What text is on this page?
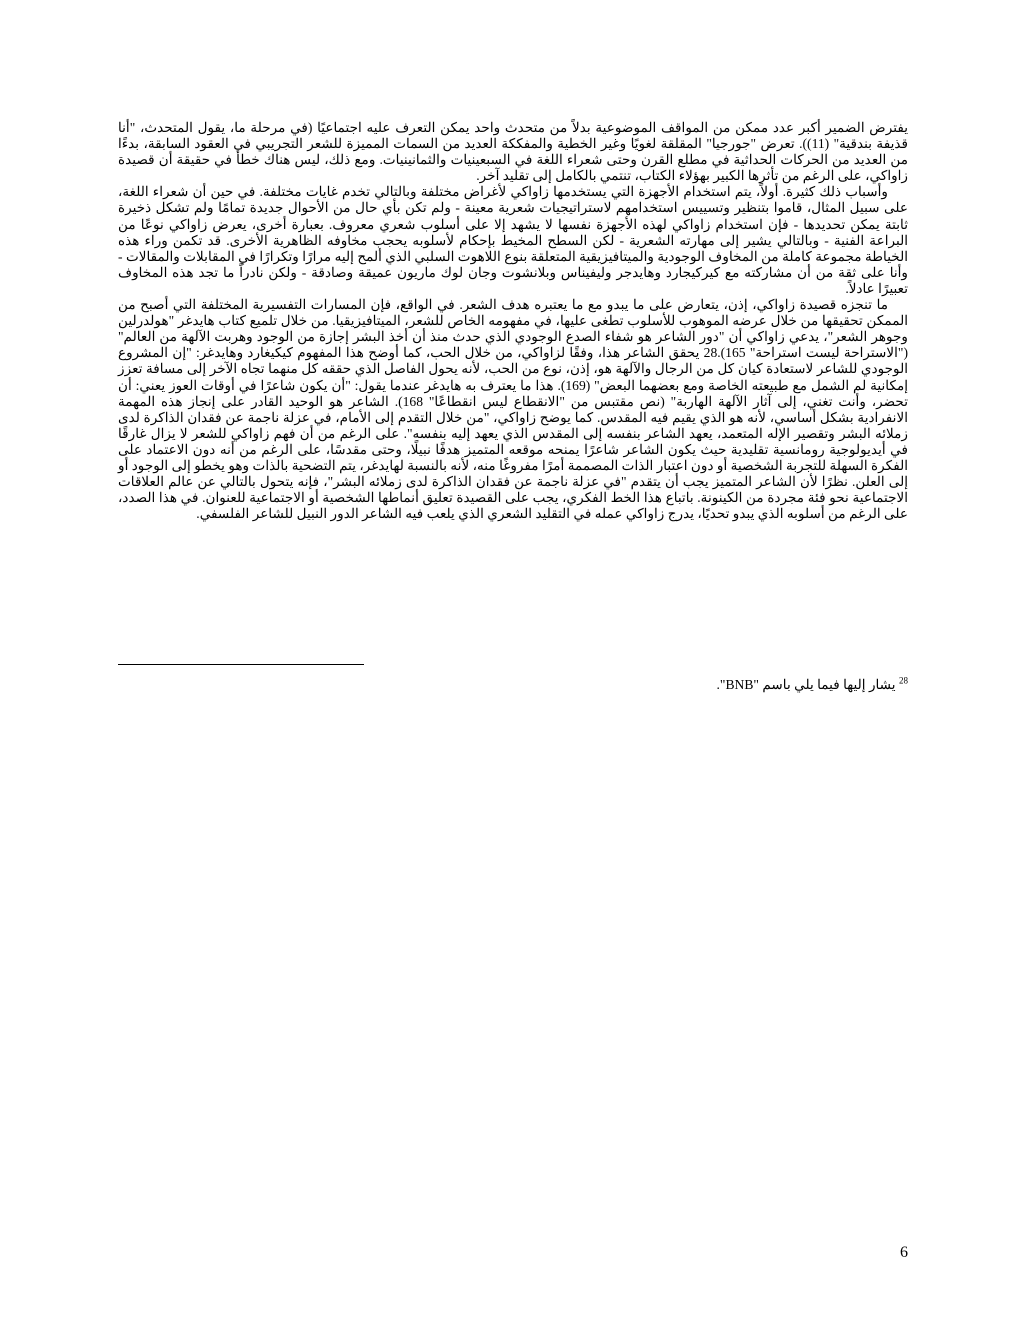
يفترض الضمير أكبر عدد ممكن من المواقف الموضوعية بدلاً من متحدث واحد يمكن التعرف عليه اجتماعيًا (في مرحلة ما، يقول المتحدث، "أنا قذيفة بندقية" (11)). تعرض "جورجيا" المقلقة لغويًا وغير الخطية والمفككة العديد من السمات المميزة للشعر التجريبي في العقود السابقة، بدءًا من العديد من الحركات الحداثية في مطلع القرن وحتى شعراء اللغة في السبعينيات والثمانينيات. ومع ذلك، ليس هناك خطأ في حقيقة أن قصيدة زاواكي، على الرغم من تأثرها الكبير بهؤلاء الكتاب، تنتمي بالكامل إلى تقليد آخر.

وأسباب ذلك كثيرة. أولاً، يتم استخدام الأجهزة التي يستخدمها زاواكي لأغراض مختلفة وبالتالي تخدم غايات مختلفة. في حين أن شعراء اللغة، على سبيل المثال، قاموا بتنظير وتسييس استخدامهم لاستراتيجيات شعرية معينة - ولم تكن بأي حال من الأحوال جديدة تمامًا ولم تشكل ذخيرة ثابتة يمكن تحديدها - فإن استخدام زاواكي لهذه الأجهزة نفسها لا يشهد إلا على أسلوب شعري معروف. بعبارة أخرى، يعرض زاواكي نوعًا من البراعة الفنية - وبالتالي يشير إلى مهارته الشعرية - لكن السطح المخيط بإحكام لأسلوبه يحجب مخاوفه الظاهرية الأخرى. قد تكمن وراء هذه الخياطة مجموعة كاملة من المخاوف الوجودية والميتافيزيقية المتعلقة بنوع اللاهوت السلبي الذي ألمح إليه مرارًا وتكرارًا في المقابلات والمقالات - وأنا على ثقة من أن مشاركته مع كيركيجارد وهايدجر وليفيناس وبلانشوت وجان لوك ماريون عميقة وصادقة - ولكن نادراً ما تجد هذه المخاوف تعبيرًا عادلاً.

ما تنجزه قصيدة زاواكي، إذن، يتعارض على ما يبدو مع ما يعتبره هدف الشعر. في الواقع، فإن المسارات التفسيرية المختلفة التي أصبح من الممكن تحقيقها من خلال عرضه الموهوب للأسلوب تطغى عليها، في مفهومه الخاص للشعر، الميتافيزيقيا. من خلال تلميع كتاب هايدغر "هولدرلين وجوهر الشعر"، يدعي زاواكي أن "دور الشاعر هو شفاء الصدع الوجودي الذي حدث منذ أن أخذ البشر إجازة من الوجود وهربت الآلهة من العالم" ("الاستراحة ليست استراحة" 165).28 يحقق الشاعر هذا، وفقًا لزاواكي، من خلال الحب، كما أوضح هذا المفهوم كيكيغارد وهايدغر: "إن المشروع الوجودي للشاعر لاستعادة كيان كل من الرجال والآلهة هو، إذن، نوع من الحب، لأنه يحول الفاصل الذي حققه كل منهما تجاه الآخر إلى مسافة تعزز إمكانية لم الشمل مع طبيعته الخاصة ومع بعضهما البعض" (169). هذا ما يعترف به هايدغر عندما يقول: "أن يكون شاعرًا في أوقات العوز يعني: أن تحضر، وأنت تغني، إلى آثار الآلهة الهاربة" (نص مقتبس من "الانقطاع ليس انقطاعًا" 168). الشاعر هو الوحيد القادر على إنجاز هذه المهمة الانفرادية بشكل أساسي، لأنه هو الذي يقيم فيه المقدس. كما يوضح زاواكي، "من خلال التقدم إلى الأمام، في عزلة ناجمة عن فقدان الذاكرة لدى زملائه البشر وتقصير الإله المتعمد، يعهد الشاعر بنفسه إلى المقدس الذي يعهد إليه بنفسه". على الرغم من أن فهم زاواكي للشعر لا يزال غارقًا في أيديولوجية رومانسية تقليدية حيث يكون الشاعر شاعرًا يمنحه موقعه المتميز هدفًا نبيلًا، وحتى مقدسًا، على الرغم من أنه دون الاعتماد على الفكرة السهلة للتجربة الشخصية أو دون اعتبار الذات المصممة أمرًا مفروغًا منه، لأنه بالنسبة لهايدغر، يتم التضحية بالذات وهو يخطو إلى الوجود أو إلى العلن. نظرًا لأن الشاعر المتميز يجب أن يتقدم "في عزلة ناجمة عن فقدان الذاكرة لدى زملائه البشر"، فإنه يتحول بالتالي عن عالم العلاقات الاجتماعية نحو فئة مجردة من الكينونة. باتباع هذا الخط الفكري، يجب على القصيدة تعليق أنماطها الشخصية أو الاجتماعية للعنوان. في هذا الصدد، على الرغم من أسلوبه الذي يبدو تحديًا، يدرج زاواكي عمله في التقليد الشعري الذي يلعب فيه الشاعر الدور النبيل للشاعر الفلسفي.

$^{28}$ يشار إليها فيما يلي باسم "BNB".
6
